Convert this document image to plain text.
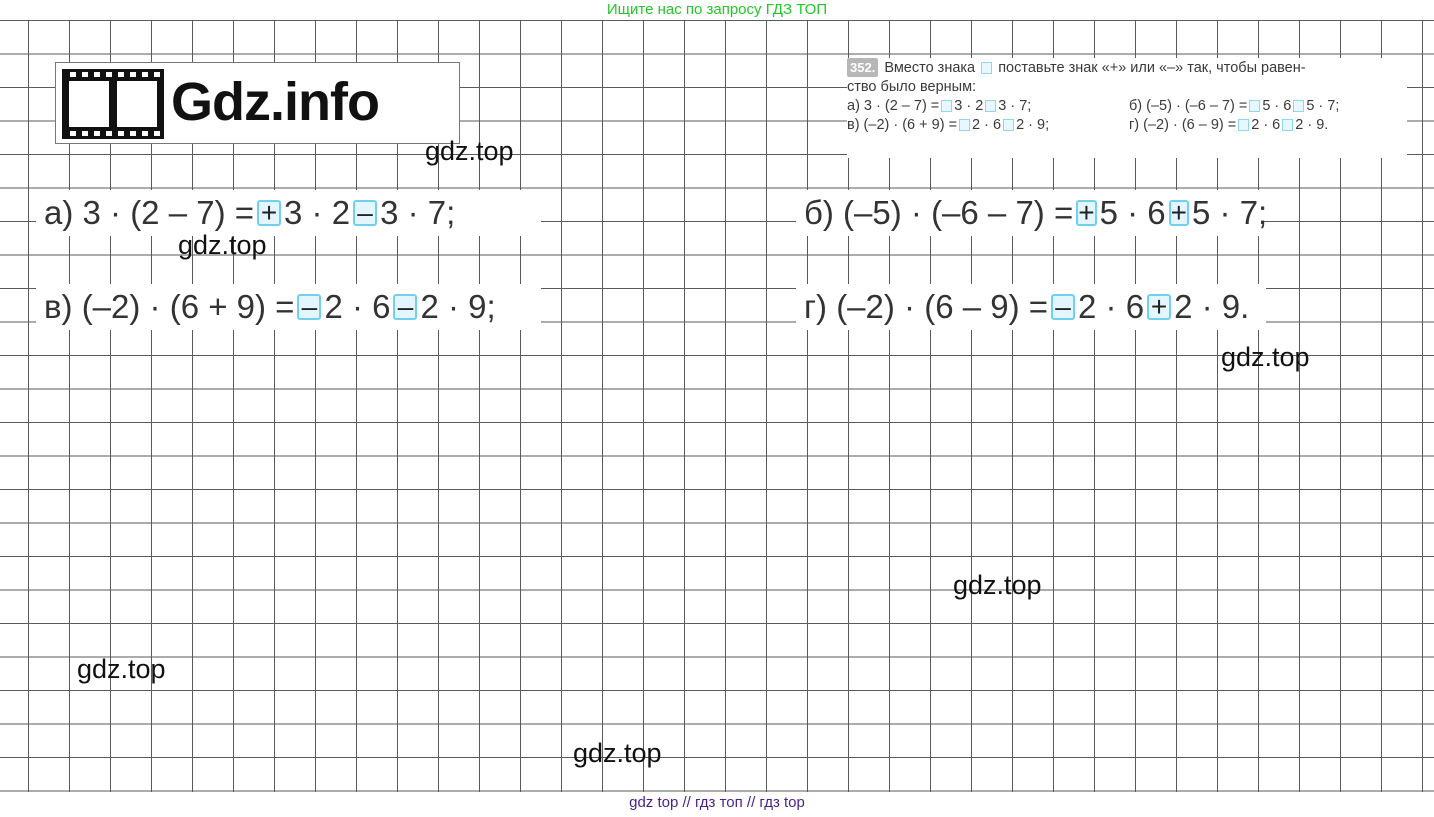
Ищите нас по запросу ГДЗ ТОП
Gdz.info
352. Вместо знака поставьте знак «+» или «–» так, чтобы равен-
ство было верным:
а) 3 · (2 – 7) = 3 · 2 3 · 7;	б) (–5) · (–6 – 7) = 5 · 6 5 · 7;
в) (–2) · (6 + 9) = 2 · 6 2 · 9;	г) (–2) · (6 – 9) = 2 · 6 2 · 9.
а) 3 · (2 – 7) = + 3 · 2 – 3 · 7;	б) (–5) · (–6 – 7) = + 5 · 6 + 5 · 7;
в) (–2) · (6 + 9) = – 2 · 6 – 2 · 9;	г) (–2) · (6 – 9) = – 2 · 6 + 2 · 9.
gdz.top
gdz.top
gdz.top
gdz.top
gdz.top
gdz.top
gdz top // гдз топ // гдз top
